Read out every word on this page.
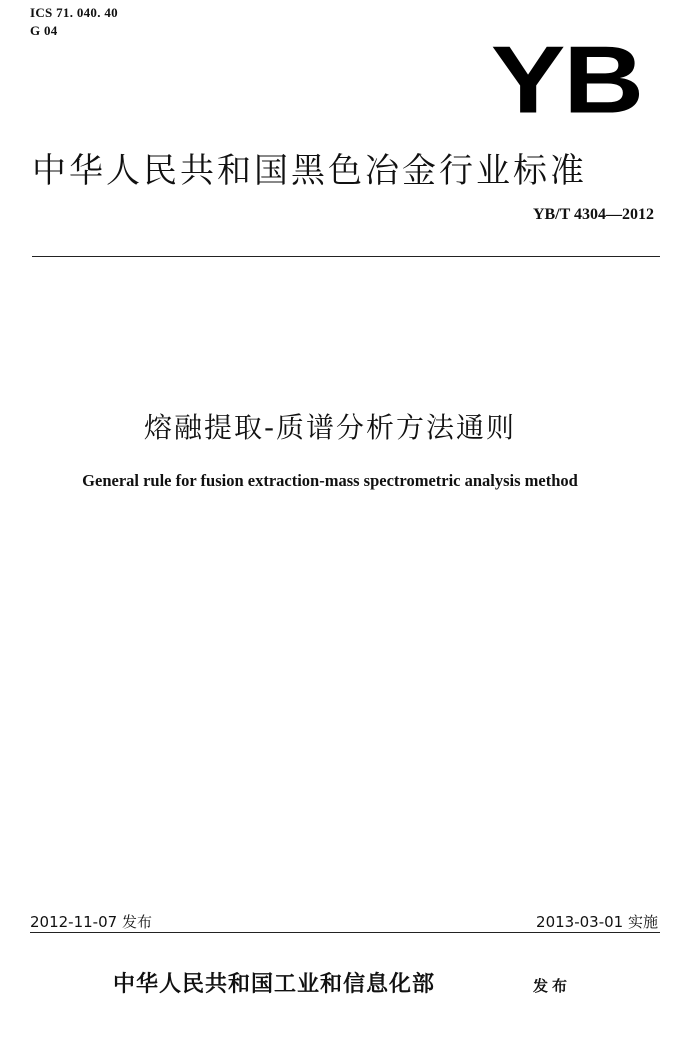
ICS 71. 040. 40
G 04	YB
中华人民共和国黑色冶金行业标准
YB/T 4304—2012
熔融提取-质谱分析方法通则
General rule for fusion extraction-mass spectrometric analysis method
2012-11-07 发布	2013-03-01 实施
中华人民共和国工业和信息化部	发布
